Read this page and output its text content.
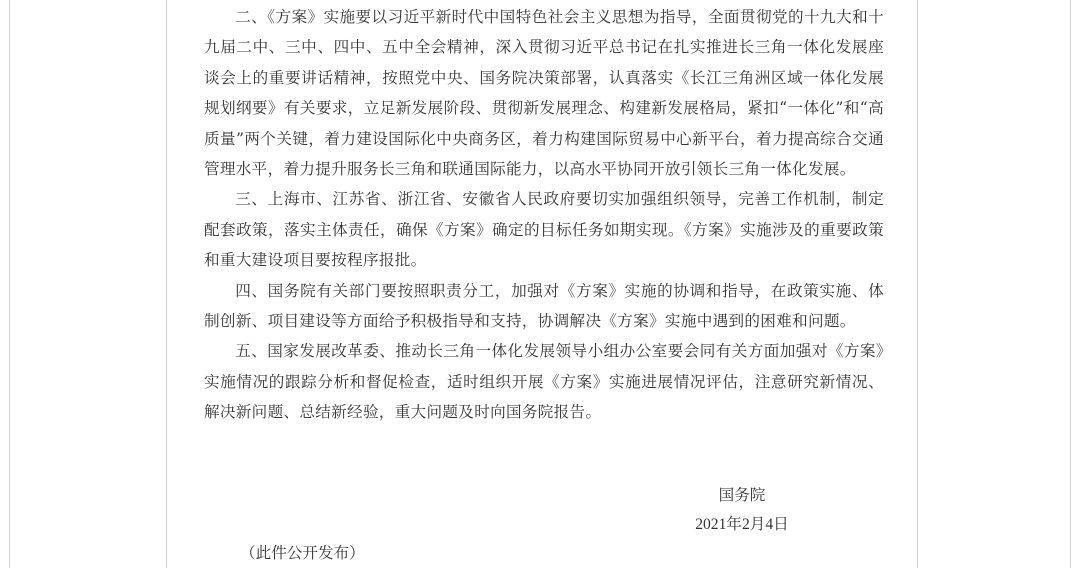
二、《方案》实施要以习近平新时代中国特色社会主义思想为指导，全面贯彻党的十九大和十九届二中、三中、四中、五中全会精神，深入贯彻习近平总书记在扎实推进长三角一体化发展座谈会上的重要讲话精神，按照党中央、国务院决策部署，认真落实《长江三角洲区域一体化发展规划纲要》有关要求，立足新发展阶段、贯彻新发展理念、构建新发展格局，紧扣“一体化”和“高质量”两个关键，着力建设国际化中央商务区，着力构建国际贸易中心新平台，着力提高综合交通管理水平，着力提升服务长三角和联通国际能力，以高水平协同开放引领长三角一体化发展。

三、上海市、江苏省、浙江省、安徽省人民政府要切实加强组织领导，完善工作机制，制定配套政策，落实主体责任，确保《方案》确定的目标任务如期实现。《方案》实施涉及的重要政策和重大建设项目要按程序报批。

四、国务院有关部门要按照职责分工，加强对《方案》实施的协调和指导，在政策实施、体制创新、项目建设等方面给予积极指导和支持，协调解决《方案》实施中遇到的困难和问题。

五、国家发展改革委、推动长三角一体化发展领导小组办公室要会同有关方面加强对《方案》实施情况的跟踪分析和督促检查，适时组织开展《方案》实施进展情况评估，注意研究新情况、解决新问题、总结新经验，重大问题及时向国务院报告。

国务院
2021年2月4日
（此件公开发布）
